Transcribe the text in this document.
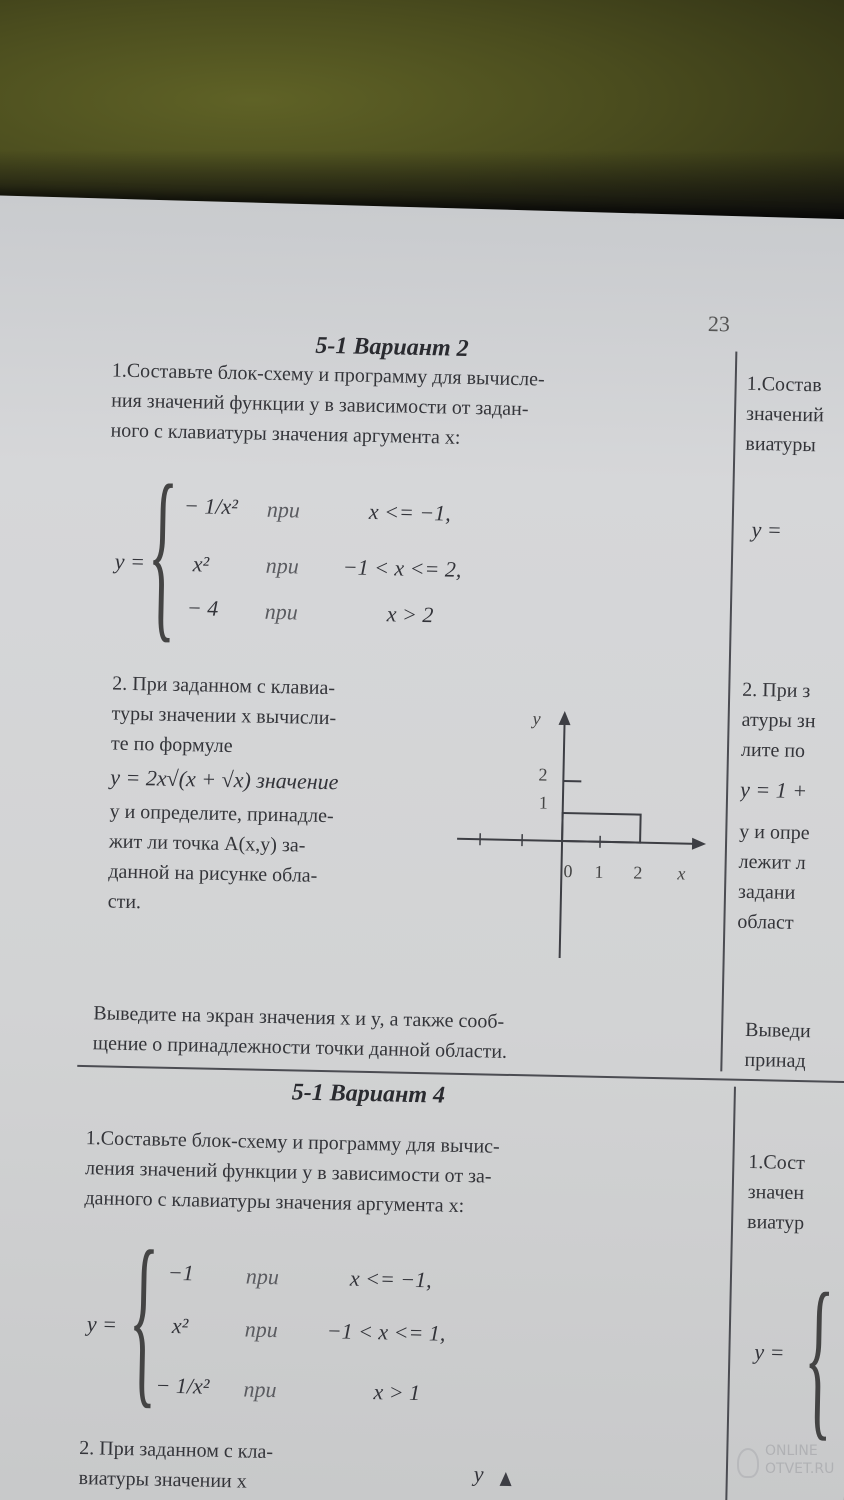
23
5-1 Вариант 2
1.Составьте блок-схему и программу для вычисле-
ния значений функции y в зависимости от задан-
ного с клавиатуры значения аргумента x:
y = { − 1/x² при	x <= −1,
x²	при −1 < x <= 2,
− 4 при	x > 2
2. При заданном с клавиа-
туры значении x вычисли-
те по формуле
y = 2x√(x + √x) значение
y и определите, принадле-
жит ли точка A(x,y) за-
данной на рисунке обла-
сти.
y
x
2
1
0 1 2
Выведите на экран значения x и y, а также сооб-
щение о принадлежности точки данной области.
1.Состав
значений
виатуры
y =
2. При з
атуры зн
лите по
y = 1 +
y и опре
лежит л
задани
област
Выведи
принад
5-1 Вариант 4
1.Составьте блок-схему и программу для вычис-
ления значений функции y в зависимости от за-
данного с клавиатуры значения аргумента x:
y = { −1 при	x <= −1,
x²	при −1 < x <= 1,
− 1/x² при	x > 1
2. При заданном с кла-
виатуры значении x	y
1.Сост
значен
виатур
y = {
ONLINE
OTVET.RU
